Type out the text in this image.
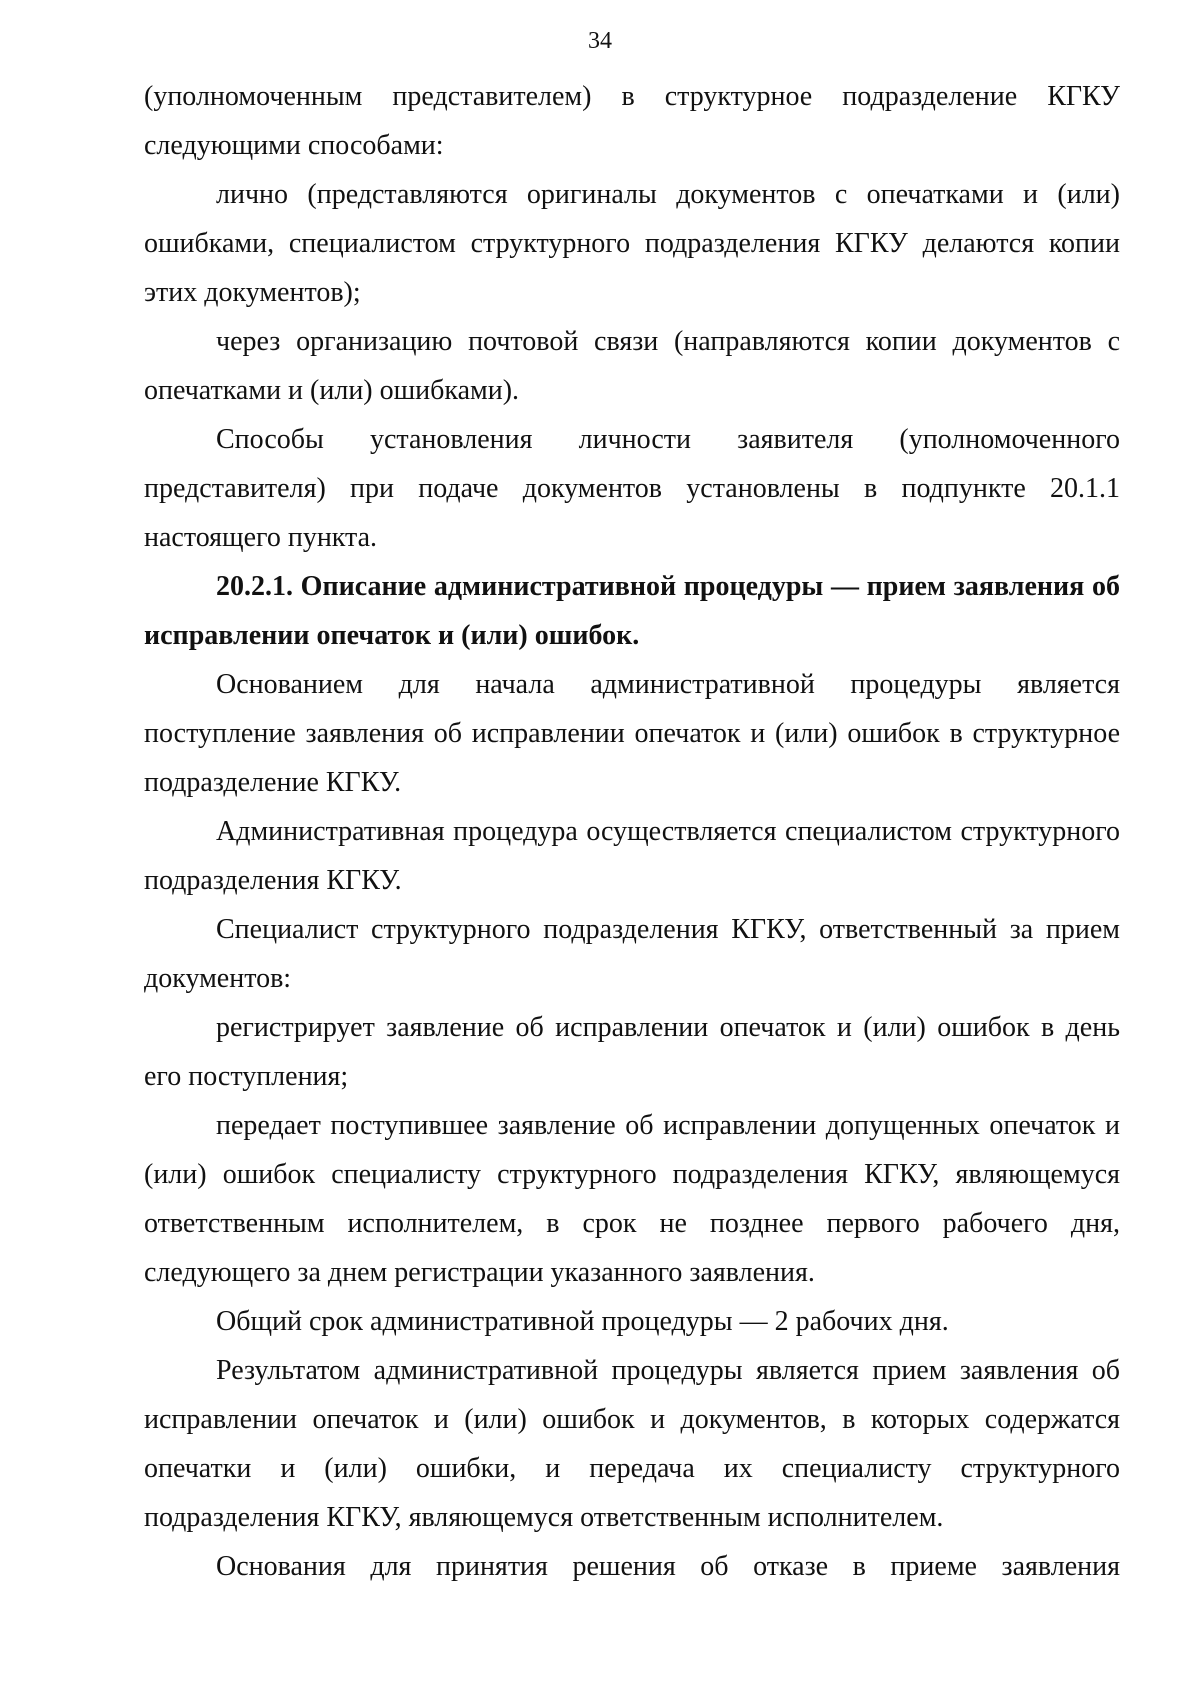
34

(уполномоченным представителем) в структурное подразделение КГКУ следующими способами:

лично (представляются оригиналы документов с опечатками и (или) ошибками, специалистом структурного подразделения КГКУ делаются копии этих документов);

через организацию почтовой связи (направляются копии документов с опечатками и (или) ошибками).

Способы установления личности заявителя (уполномоченного представителя) при подаче документов установлены в подпункте 20.1.1 настоящего пункта.

20.2.1. Описание административной процедуры — прием заявления об исправлении опечаток и (или) ошибок.

Основанием для начала административной процедуры является поступление заявления об исправлении опечаток и (или) ошибок в структурное подразделение КГКУ.

Административная процедура осуществляется специалистом структурного подразделения КГКУ.

Специалист структурного подразделения КГКУ, ответственный за прием документов:

регистрирует заявление об исправлении опечаток и (или) ошибок в день его поступления;

передает поступившее заявление об исправлении допущенных опечаток и (или) ошибок специалисту структурного подразделения КГКУ, являющемуся ответственным исполнителем, в срок не позднее первого рабочего дня, следующего за днем регистрации указанного заявления.

Общий срок административной процедуры — 2 рабочих дня.

Результатом административной процедуры является прием заявления об исправлении опечаток и (или) ошибок и документов, в которых содержатся опечатки и (или) ошибки, и передача их специалисту структурного подразделения КГКУ, являющемуся ответственным исполнителем.

Основания для принятия решения об отказе в приеме заявления
